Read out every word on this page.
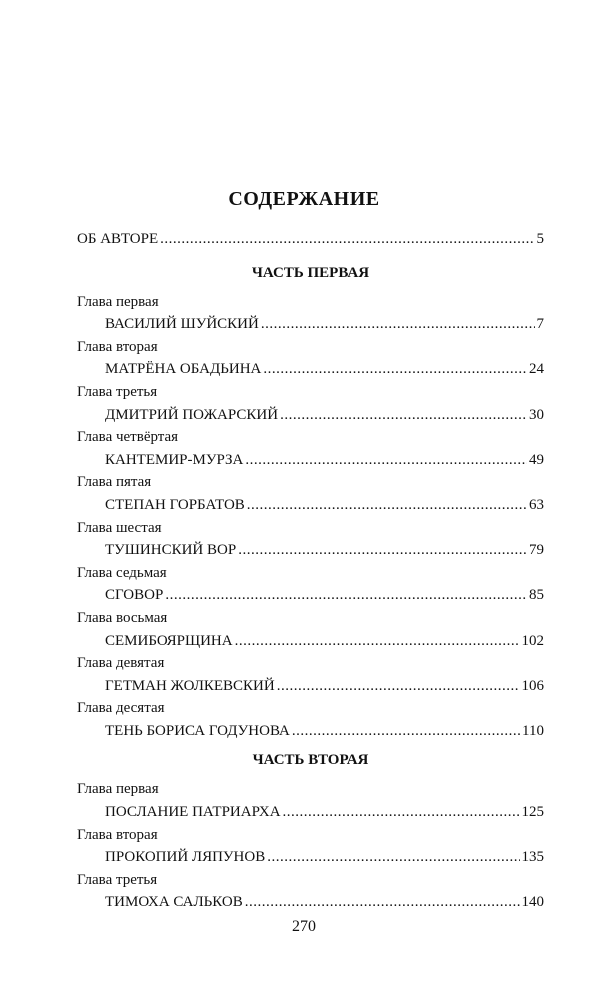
СОДЕРЖАНИЕ
ОБ АВТОРЕ .....	5
ЧАСТЬ ПЕРВАЯ
Глава первая
ВАСИЛИЙ ШУЙСКИЙ .....	7
Глава вторая
МАТРЁНА ОБАДЬИНА .....	24
Глава третья
ДМИТРИЙ ПОЖАРСКИЙ .....	30
Глава четвёртая
КАНТЕМИР-МУРЗА .....	49
Глава пятая
СТЕПАН ГОРБАТОВ .....	63
Глава шестая
ТУШИНСКИЙ ВОР .....	79
Глава седьмая
СГОВОР .....	85
Глава восьмая
СЕМИБОЯРЩИНА .....	102
Глава девятая
ГЕТМАН ЖОЛКЕВСКИЙ .....	106
Глава десятая
ТЕНЬ БОРИСА ГОДУНОВА .....	110
ЧАСТЬ ВТОРАЯ
Глава первая
ПОСЛАНИЕ ПАТРИАРХА .....	125
Глава вторая
ПРОКОПИЙ ЛЯПУНОВ .....	135
Глава третья
ТИМОХА САЛЬКОВ .....	140
270
